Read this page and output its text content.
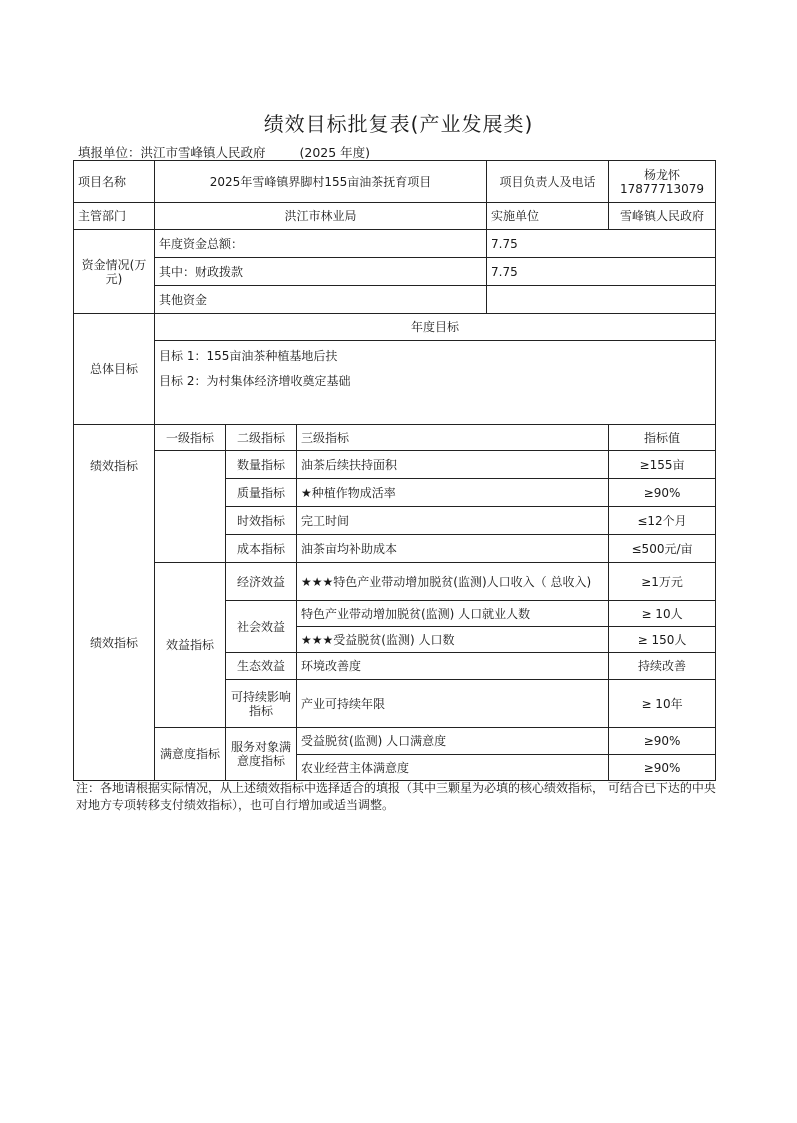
绩效目标批复表(产业发展类)
填报单位：洪江市雪峰镇人民政府	(2025 年度)
项目名称	2025年雪峰镇界脚村155亩油茶抚育项目			项目负责人及电话	杨龙怀
17877713079

主管部门	洪江市林业局			实施单位	雪峰镇人民政府
资金情况(万元)	年度资金总额：			7.75	
	其中：财政拨款			7.75	
	其他资金				
总体目标	年度目标				

	目标 1：155亩油茶种植基地后扶
目标 2：为村集体经济增收奠定基础				

绩效指标	一级指标	二级指标	三级指标		指标值
		数量指标	油茶后续扶持面积		≥155亩
		质量指标	★种植作物成活率		≥90%
绩效指标		时效指标	完工时间		≤12个月
		成本指标	油茶亩均补助成本		≤500元/亩
	效益指标	经济效益	★★★特色产业带动增加脱贫(监测)人口收入（ 总收入)		≥1万元
		社会效益	特色产业带动增加脱贫(监测) 人口就业人数		≥ 10人
			★★★受益脱贫(监测) 人口数		≥ 150人
		生态效益	环境改善度		持续改善
		可持续影响指标	产业可持续年限		≥ 10年
	满意度指标	服务对象满意度指标	受益脱贫(监测) 人口满意度		≥90%
			农业经营主体满意度		≥90%
注：各地请根据实际情况，从上述绩效指标中选择适合的填报（其中三颗星为必填的核心绩效指标， 可结合已下达的中央对地方专项转移支付绩效指标），也可自行增加或适当调整。
